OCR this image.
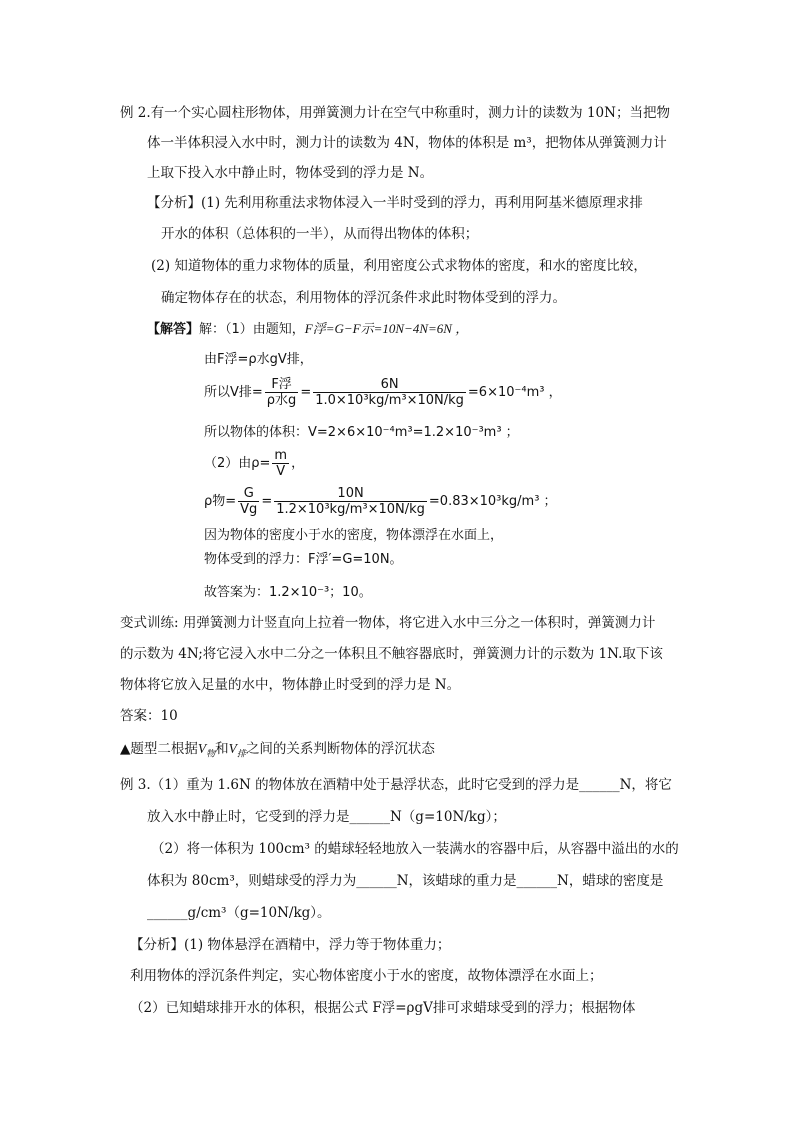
例 2.有一个实心圆柱形物体，用弹簧测力计在空气中称重时，测力计的读数为 10N；当把物
体一半体积浸入水中时，测力计的读数为 4N，物体的体积是 m³，把物体从弹簧测力计
上取下投入水中静止时，物体受到的浮力是 N。
【分析】(1) 先利用称重法求物体浸入一半时受到的浮力，再利用阿基米德原理求排
开水的体积（总体积的一半），从而得出物体的体积；
(2) 知道物体的重力求物体的质量，利用密度公式求物体的密度，和水的密度比较，
确定物体存在的状态，利用物体的浮沉条件求此时物体受到的浮力。
【解答】解：（1）由题知，F浮=G−F示=10N−4N=6N ，
由F浮=ρ水gV排，
所以V排= $\frac{\text{F浮}}{\text{ρ水g}} = \frac{6N}{\text{1.0×10³kg/m³×10N/kg}} =6\times 10^{-4}m^3$ ，
所以物体的体积：V=2×6×10⁻⁴m³=1.2×10⁻³m³ ；
（2）由$\rho= \frac{m}{V}$ ，
ρ物= $\frac{G}{Vg} = \frac{10N}{\text{1.2×10³kg/m³×10N/kg}} =0.83\times 10^3kg/m^3$ ；
因为物体的密度小于水的密度，物体漂浮在水面上，
物体受到的浮力：F浮′=G=10N。
故答案为：1.2×10⁻³；10。
变式训练: 用弹簧测力计竖直向上拉着一物体，将它进入水中三分之一体积时，弹簧测力计
的示数为 4N;将它浸入水中二分之一体积且不触容器底时，弹簧测力计的示数为 1N.取下该
物体将它放入足量的水中，物体静止时受到的浮力是 N。
答案：10
▲题型二根据$V_物$和$V_排$之间的关系判断物体的浮沉状态
例 3.（1）重为 1.6N 的物体放在酒精中处于悬浮状态，此时它受到的浮力是______N，将它
放入水中静止时，它受到的浮力是______N（g=10N/kg）；
（2）将一体积为 100cm³ 的蜡球轻轻地放入一装满水的容器中后，从容器中溢出的水的
体积为 80cm³，则蜡球受的浮力为______N，该蜡球的重力是______N，蜡球的密度是
______g/cm³（g=10N/kg）。
【分析】(1) 物体悬浮在酒精中，浮力等于物体重力；
利用物体的浮沉条件判定，实心物体密度小于水的密度，故物体漂浮在水面上；
（2）已知蜡球排开水的体积，根据公式 F浮=ρgV排可求蜡球受到的浮力；根据物体
